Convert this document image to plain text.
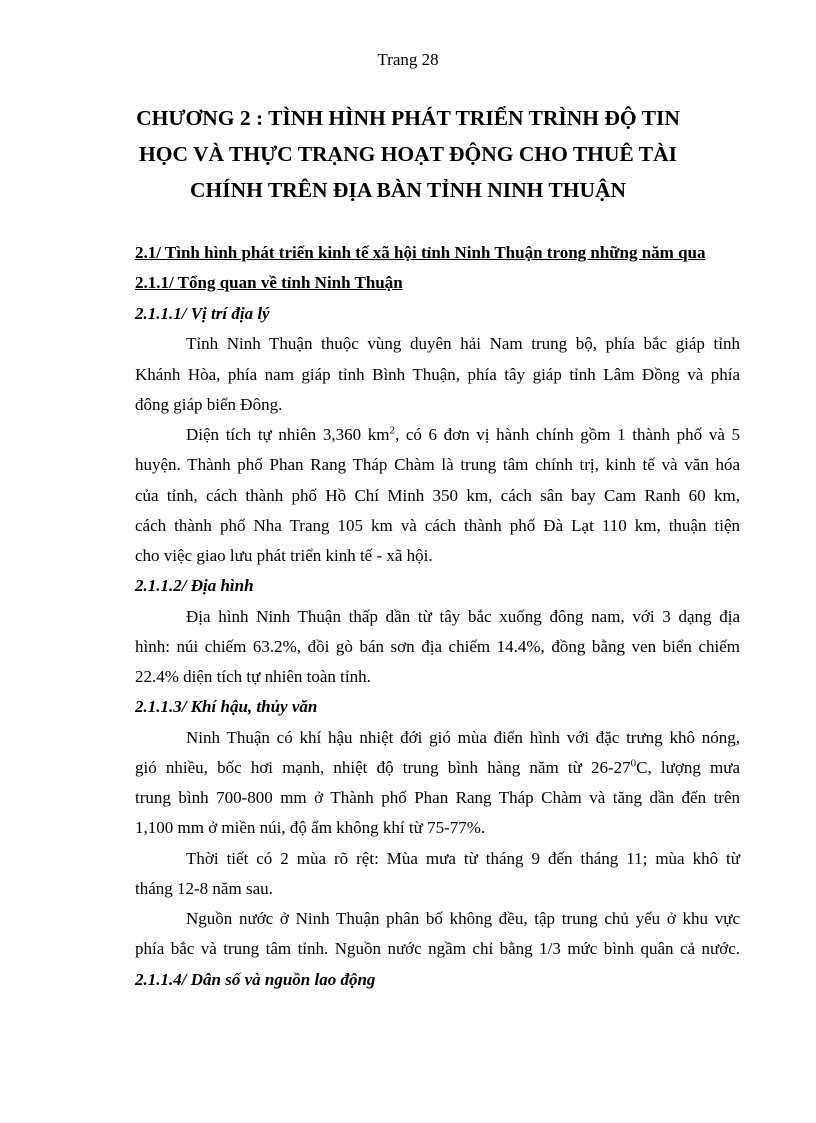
Trang 28
CHƯƠNG 2 : TÌNH HÌNH PHÁT TRIỂN TRÌNH ĐỘ TIN
HỌC VÀ THỰC TRẠNG HOẠT ĐỘNG CHO THUÊ TÀI
CHÍNH TRÊN ĐỊA BÀN TỈNH NINH THUẬN
2.1/ Tình hình phát triển kinh tế xã hội tỉnh Ninh Thuận trong những năm qua
2.1.1/ Tổng quan về tỉnh Ninh Thuận
2.1.1.1/ Vị trí địa lý
Tỉnh Ninh Thuận thuộc vùng duyên hải Nam trung bộ, phía bắc giáp tỉnh
Khánh Hòa, phía nam giáp tỉnh Bình Thuận, phía tây giáp tỉnh Lâm Đồng và phía
đông giáp biển Đông.
Diện tích tự nhiên 3,360 $km^2$, có 6 đơn vị hành chính gồm 1 thành phố và 5
huyện. Thành phố Phan Rang Tháp Chàm là trung tâm chính trị, kinh tế và văn hóa
của tỉnh, cách thành phố Hồ Chí Minh 350 km, cách sân bay Cam Ranh 60 km,
cách thành phố Nha Trang 105 km và cách thành phố Đà Lạt 110 km, thuận tiện
cho việc giao lưu phát triển kinh tế - xã hội.
2.1.1.2/ Địa hình
Địa hình Ninh Thuận thấp dần từ tây bắc xuống đông nam, với 3 dạng địa
hình: núi chiếm 63.2%, đồi gò bán sơn địa chiếm 14.4%, đồng bằng ven biển chiếm
22.4% diện tích tự nhiên toàn tỉnh.
2.1.1.3/ Khí hậu, thủy văn
Ninh Thuận có khí hậu nhiệt đới gió mùa điển hình với đặc trưng khô nóng,
gió nhiều, bốc hơi mạnh, nhiệt độ trung bình hàng năm từ $26-27^0C$, lượng mưa
trung bình 700-800 mm ở Thành phố Phan Rang Tháp Chàm và tăng dần đến trên
1,100 mm ở miền núi, độ ẩm không khí từ 75-77%.
Thời tiết có 2 mùa rõ rệt: Mùa mưa từ tháng 9 đến tháng 11; mùa khô từ
tháng 12-8 năm sau.
Nguồn nước ở Ninh Thuận phân bố không đều, tập trung chủ yếu ở khu vực
phía bắc và trung tâm tỉnh. Nguồn nước ngầm chỉ bằng 1/3 mức bình quân cả nước.
2.1.1.4/ Dân số và nguồn lao động
